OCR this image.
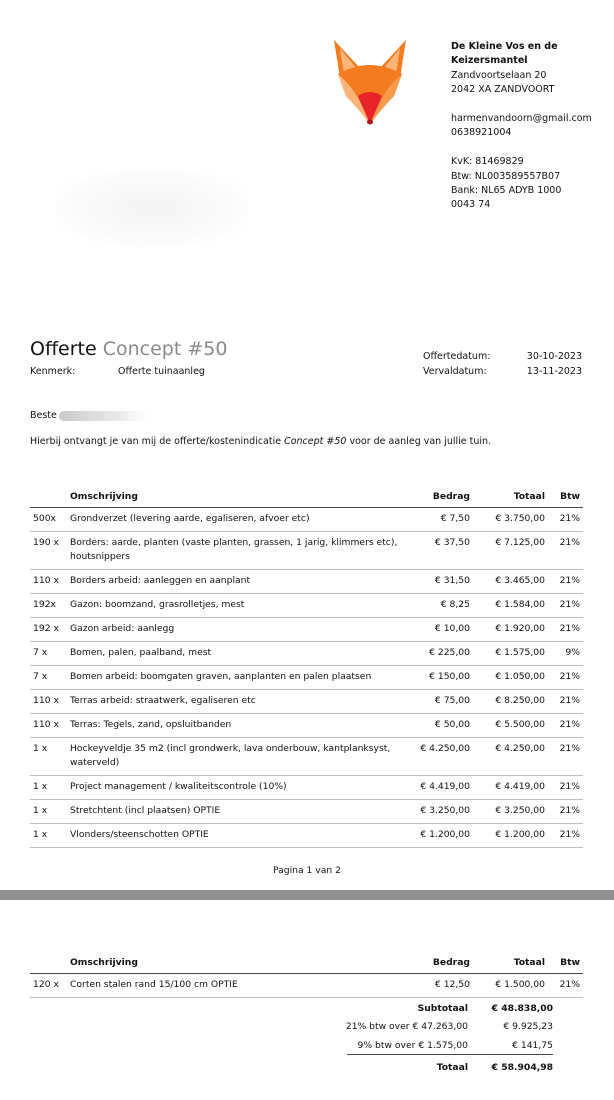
De Kleine Vos en de
Keizersmantel
Zandvoortselaan 20
2042 XA ZANDVOORT
harmenvandoorn@gmail.com
0638921004
KvK: 81469829
Btw: NL003589557B07
Bank: NL65 ADYB 1000
0043 74
Offerte Concept #50
Kenmerk:	Offerte tuinaanleg
Offertedatum:	30-10-2023
Vervaldatum:	13-11-2023
Beste
Hierbij ontvangt je van mij de offerte/kostenindicatie Concept #50 voor de aanleg van jullie tuin.
	Omschrijving	Bedrag	Totaal	Btw
500x	Grondverzet (levering aarde, egaliseren, afvoer etc)	€ 7,50	€ 3.750,00	21%
190 x	Borders: aarde, planten (vaste planten, grassen, 1 jarig, klimmers etc), houtsnippers	€ 37,50	€ 7.125,00	21%
110 x	Borders arbeid: aanleggen en aanplant	€ 31,50	€ 3.465,00	21%
192x	Gazon: boomzand, grasrolletjes, mest	€ 8,25	€ 1.584,00	21%
192 x	Gazon arbeid: aanlegg	€ 10,00	€ 1.920,00	21%
7 x	Bomen, palen, paalband, mest	€ 225,00	€ 1.575,00	9%
7 x	Bomen arbeid: boomgaten graven, aanplanten en palen plaatsen	€ 150,00	€ 1.050,00	21%
110 x	Terras arbeid: straatwerk, egaliseren etc	€ 75,00	€ 8.250,00	21%
110 x	Terras: Tegels, zand, opsluitbanden	€ 50,00	€ 5.500,00	21%
1 x	Hockeyveldje 35 m2 (incl grondwerk, lava onderbouw, kantplanksyst, waterveld)	€ 4.250,00	€ 4.250,00	21%
1 x	Project management / kwaliteitscontrole (10%)	€ 4.419,00	€ 4.419,00	21%
1 x	Stretchtent (incl plaatsen) OPTIE	€ 3.250,00	€ 3.250,00	21%
1 x	Vlonders/steenschotten OPTIE	€ 1.200,00	€ 1.200,00	21%
Pagina 1 van 2
	Omschrijving	Bedrag	Totaal	Btw
120 x	Corten stalen rand 15/100 cm OPTIE	€ 12,50	€ 1.500,00	21%
Subtotaal	€ 48.838,00
21% btw over € 47.263,00	€ 9.925,23
9% btw over € 1.575,00	€ 141,75
Totaal	€ 58.904,98
